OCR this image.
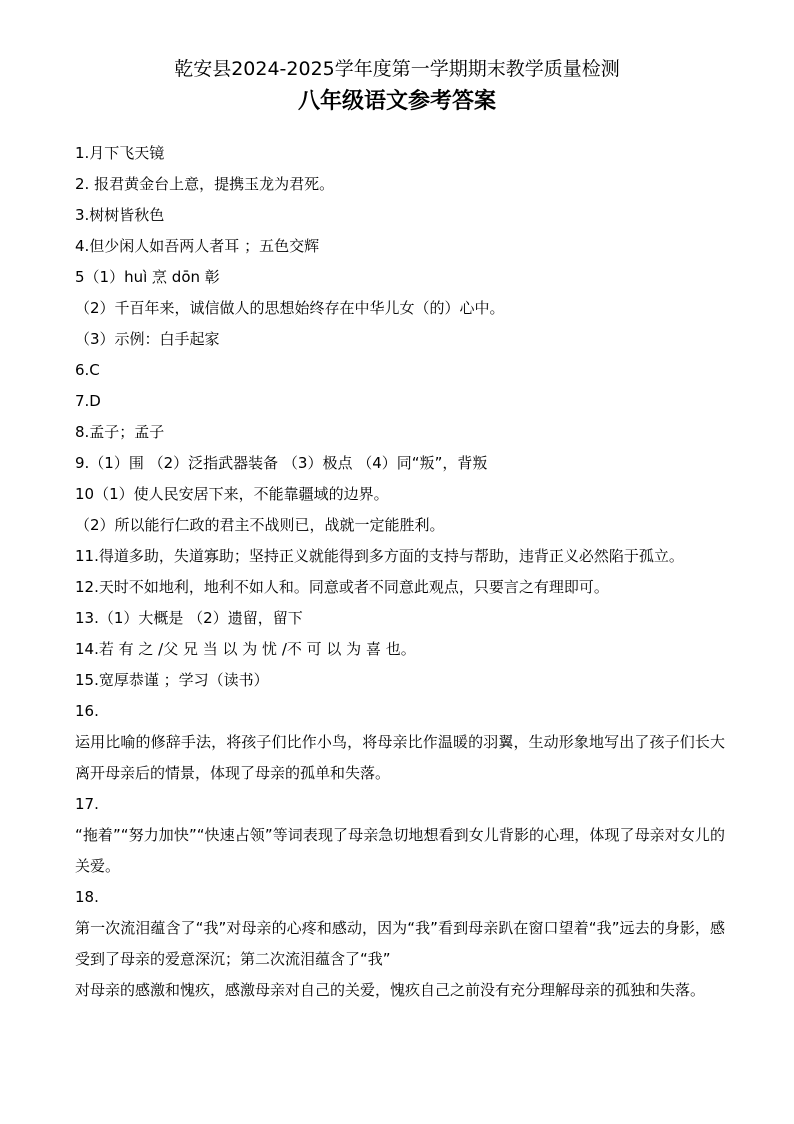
乾安县2024-2025学年度第一学期期末教学质量检测
八年级语文参考答案
1.月下飞天镜
2. 报君黄金台上意，提携玉龙为君死。
3.树树皆秋色
4.但少闲人如吾两人者耳 ；五色交辉
5（1）huì 烹 dōn 彰
（2）千百年来，诚信做人的思想始终存在中华儿女（的）心中。
（3）示例：白手起家
6.C
7.D
8.孟子；孟子
9.（1）围 （2）泛指武器装备 （3）极点 （4）同“叛”，背叛
10（1）使人民安居下来，不能靠疆域的边界。
（2）所以能行仁政的君主不战则已，战就一定能胜利。
11.得道多助，失道寡助；坚持正义就能得到多方面的支持与帮助，违背正义必然陷于孤立。
12.天时不如地利，地利不如人和。同意或者不同意此观点，只要言之有理即可。
13.（1）大概是 （2）遗留，留下
14.若 有 之 /父 兄 当 以 为 忧 /不 可 以 为 喜 也。
15.宽厚恭谨 ；学习（读书）
16.
运用比喻的修辞手法，将孩子们比作小鸟，将母亲比作温暖的羽翼，生动形象地写出了孩子们长大离开母亲后的情景，体现了母亲的孤单和失落。
17.
“拖着”“努力加快”“快速占领”等词表现了母亲急切地想看到女儿背影的心理，体现了母亲对女儿的关爱。
18.
第一次流泪蕴含了“我”对母亲的心疼和感动，因为“我”看到母亲趴在窗口望着“我”远去的身影，感受到了母亲的爱意深沉；第二次流泪蕴含了“我”
对母亲的感激和愧疚，感激母亲对自己的关爱，愧疚自己之前没有充分理解母亲的孤独和失落。
